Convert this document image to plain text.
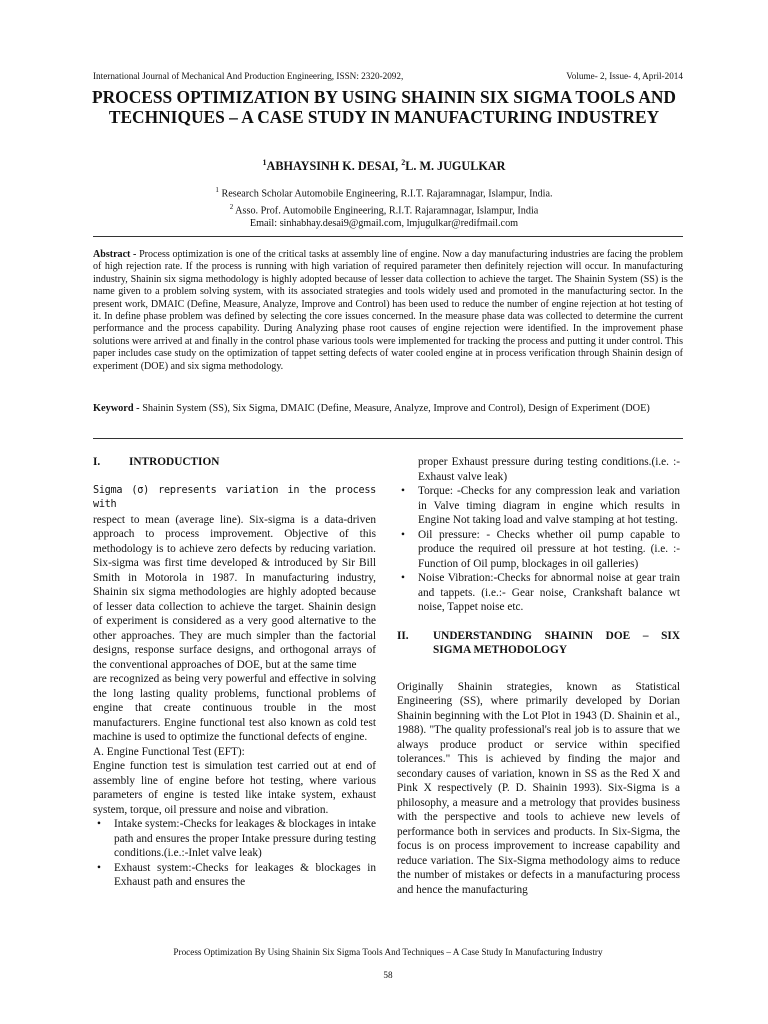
International Journal of Mechanical And Production Engineering, ISSN: 2320-2092,	Volume- 2, Issue- 4, April-2014
PROCESS OPTIMIZATION BY USING SHAININ SIX SIGMA TOOLS AND TECHNIQUES – A CASE STUDY IN MANUFACTURING INDUSTREY
$^1$ABHAYSINH K. DESAI, $^2$L. M. JUGULKAR
$^1$ Research Scholar Automobile Engineering, R.I.T. Rajaramnagar, Islampur, India.
$^2$ Asso. Prof. Automobile Engineering, R.I.T. Rajaramnagar, Islampur, India
Email: sinhabhay.desai9@gmail.com, lmjugulkar@redifmail.com
Abstract - Process optimization is one of the critical tasks at assembly line of engine. Now a day manufacturing industries are facing the problem of high rejection rate. If the process is running with high variation of required parameter then definitely rejection will occur. In manufacturing industry, Shainin six sigma methodology is highly adopted because of lesser data collection to achieve the target. The Shainin System (SS) is the name given to a problem solving system, with its associated strategies and tools widely used and promoted in the manufacturing sector. In the present work, DMAIC (Define, Measure, Analyze, Improve and Control) has been used to reduce the number of engine rejection at hot testing of it. In define phase problem was defined by selecting the core issues concerned. In the measure phase data was collected to determine the current performance and the process capability. During Analyzing phase root causes of engine rejection were identified. In the improvement phase solutions were arrived at and finally in the control phase various tools were implemented for tracking the process and putting it under control. This paper includes case study on the optimization of tappet setting defects of water cooled engine at in process verification through Shainin design of experiment (DOE) and six sigma methodology.
Keyword - Shainin System (SS), Six Sigma, DMAIC (Define, Measure, Analyze, Improve and Control), Design of Experiment (DOE)
I.	INTRODUCTION

Sigma (σ) represents variation in the process with

respect to mean (average line). Six-sigma is a data-driven approach to process improvement. Objective of this methodology is to achieve zero defects by reducing variation. Six-sigma was first time developed & introduced by Sir Bill Smith in Motorola in 1987. In manufacturing industry, Shainin six sigma methodologies are highly adopted because of lesser data collection to achieve the target. Shainin design of experiment is considered as a very good alternative to the other approaches. They are much simpler than the factorial designs, response surface designs, and orthogonal arrays of the conventional approaches of DOE, but at the same time

are recognized as being very powerful and effective in solving the long lasting quality problems, functional problems of engine that create continuous trouble in the most manufacturers. Engine functional test also known as cold test machine is used to optimize the functional defects of engine.

A. Engine Functional Test (EFT):

Engine function test is simulation test carried out at end of assembly line of engine before hot testing, where various parameters of engine is tested like intake system, exhaust system, torque, oil pressure and noise and vibration.

• Intake system:-Checks for leakages & blockages in intake path and ensures the proper Intake pressure during testing conditions.(i.e.:-Inlet valve leak)
• Exhaust system:-Checks for leakages & blockages in Exhaust path and ensures the

proper Exhaust pressure during testing conditions.(i.e. :- Exhaust valve leak)

• Torque: -Checks for any compression leak and variation in Valve timing diagram in engine which results in Engine Not taking load and valve stamping at hot testing.
• Oil pressure: - Checks whether oil pump capable to produce the required oil pressure at hot testing. (i.e. :- Function of Oil pump, blockages in oil galleries)
• Noise Vibration:-Checks for abnormal noise at gear train and tappets. (i.e.:- Gear noise, Crankshaft balance wt noise, Tappet noise etc.
II.	UNDERSTANDING SHAININ DOE – SIX SIGMA METHODOLOGY

Originally Shainin strategies, known as Statistical Engineering (SS), where primarily developed by Dorian Shainin beginning with the Lot Plot in 1943 (D. Shainin et al., 1988). "The quality professional's real job is to assure that we always produce product or service within specified tolerances." This is achieved by finding the major and secondary causes of variation, known in SS as the Red X and Pink X respectively (P. D. Shainin 1993). Six-Sigma is a philosophy, a measure and a metrology that provides business with the perspective and tools to achieve new levels of performance both in services and products. In Six-Sigma, the focus is on process improvement to increase capability and reduce variation. The Six-Sigma methodology aims to reduce the number of mistakes or defects in a manufacturing process and hence the manufacturing

Process Optimization By Using Shainin Six Sigma Tools And Techniques – A Case Study In Manufacturing Industry
58
